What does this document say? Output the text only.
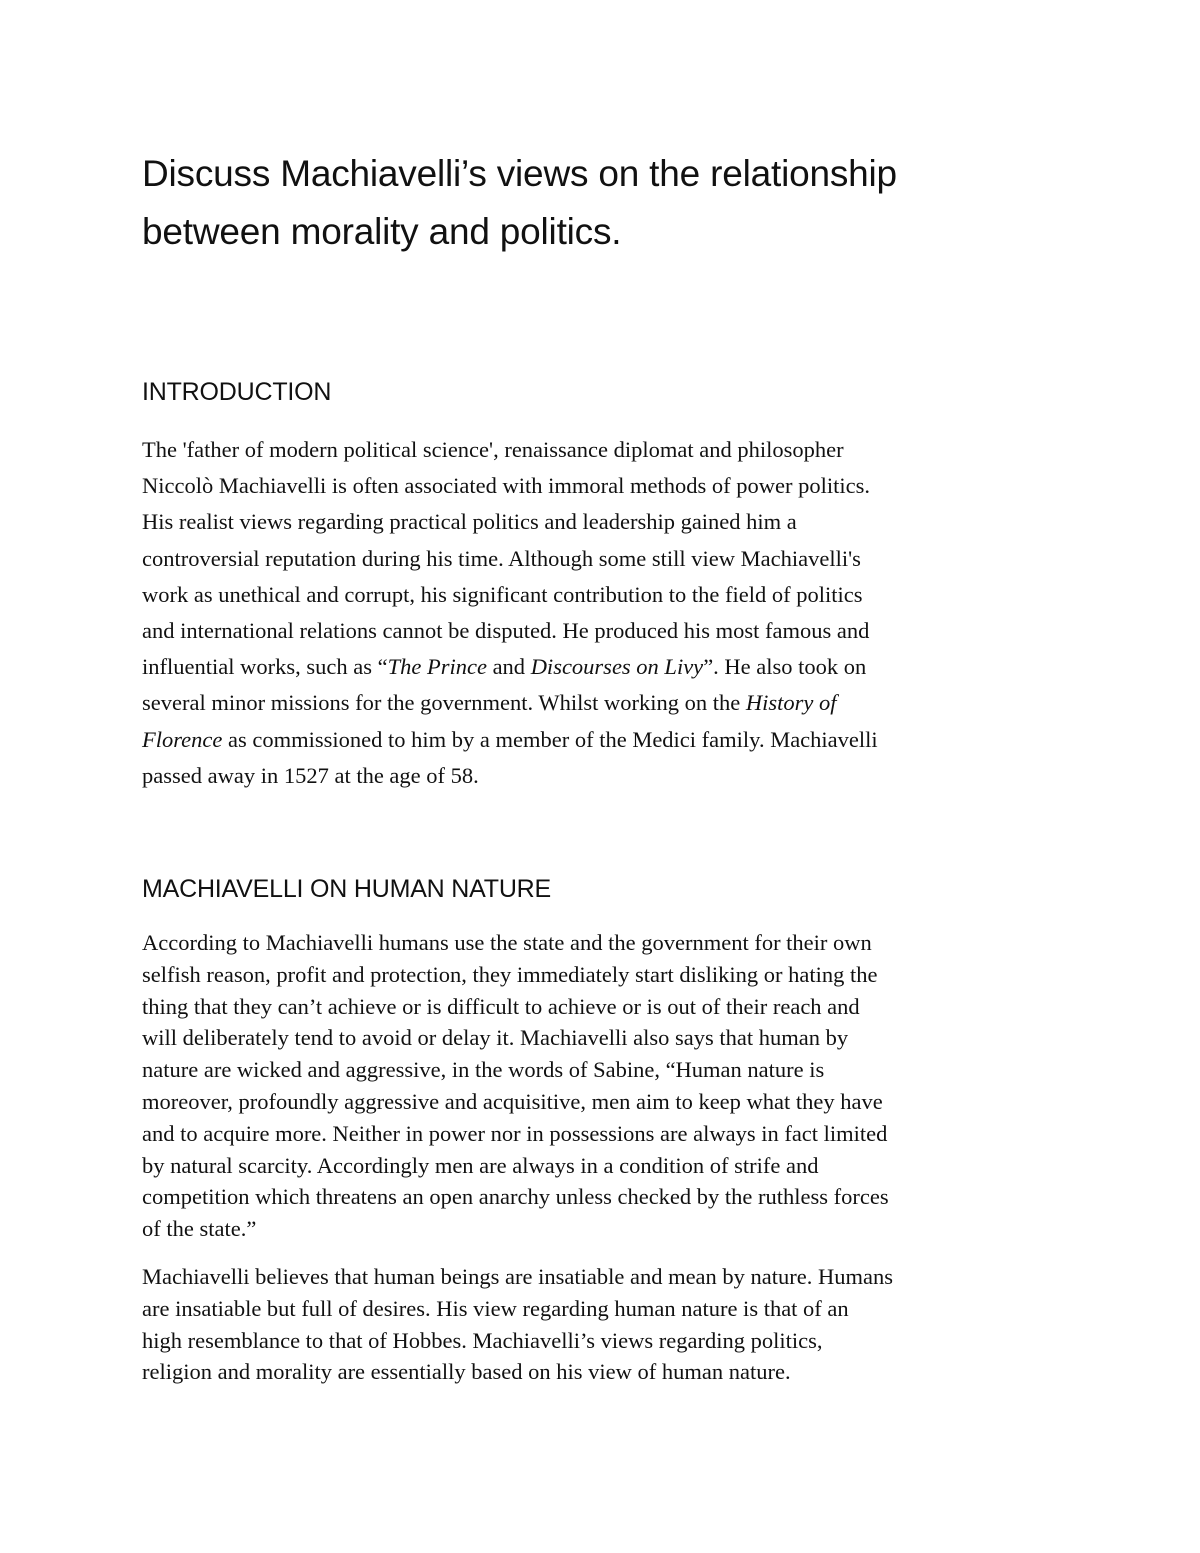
Discuss Machiavelli’s views on the relationship
between morality and politics.
INTRODUCTION

The 'father of modern political science', renaissance diplomat and philosopher
Niccolò Machiavelli is often associated with immoral methods of power politics.
His realist views regarding practical politics and leadership gained him a
controversial reputation during his time. Although some still view Machiavelli's
work as unethical and corrupt, his significant contribution to the field of politics
and international relations cannot be disputed. He produced his most famous and
influential works, such as “The Prince and Discourses on Livy”. He also took on
several minor missions for the government. Whilst working on the History of
Florence as commissioned to him by a member of the Medici family. Machiavelli
passed away in 1527 at the age of 58.

MACHIAVELLI ON HUMAN NATURE

According to Machiavelli humans use the state and the government for their own
selfish reason, profit and protection, they immediately start disliking or hating the
thing that they can’t achieve or is difficult to achieve or is out of their reach and
will deliberately tend to avoid or delay it. Machiavelli also says that human by
nature are wicked and aggressive, in the words of Sabine, “Human nature is
moreover, profoundly aggressive and acquisitive, men aim to keep what they have
and to acquire more. Neither in power nor in possessions are always in fact limited
by natural scarcity. Accordingly men are always in a condition of strife and
competition which threatens an open anarchy unless checked by the ruthless forces
of the state.”

Machiavelli believes that human beings are insatiable and mean by nature. Humans
are insatiable but full of desires. His view regarding human nature is that of an
high resemblance to that of Hobbes. Machiavelli’s views regarding politics,
religion and morality are essentially based on his view of human nature.
